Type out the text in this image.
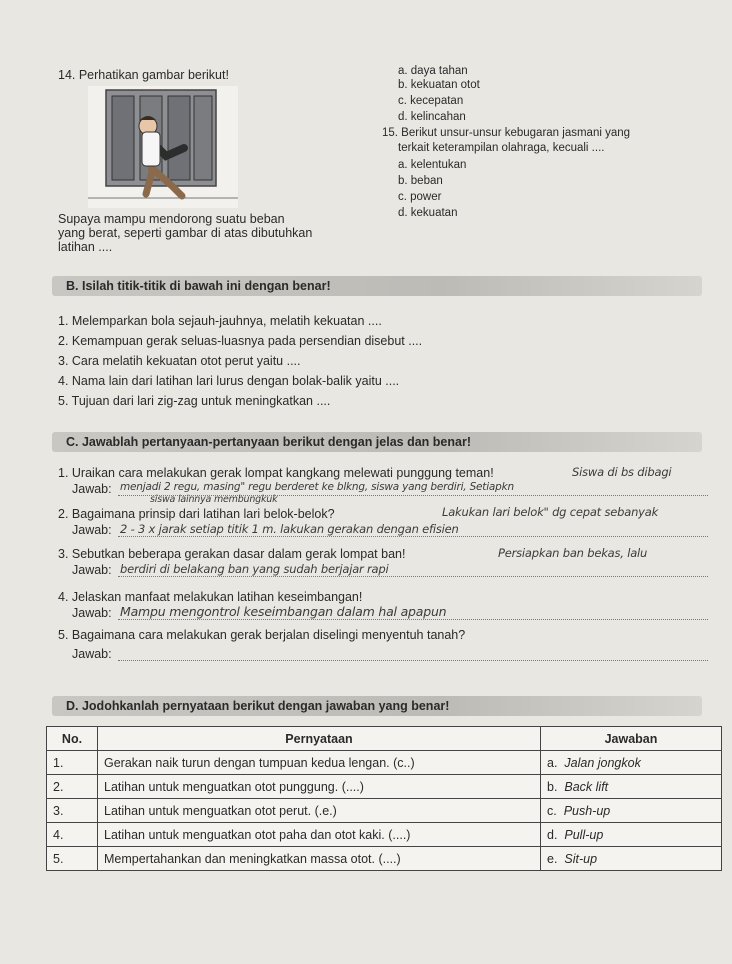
14. Perhatikan gambar berikut!
Supaya mampu mendorong suatu beban
yang berat, seperti gambar di atas dibutuhkan
latihan ....
a. daya tahan
b. kekuatan otot
c. kecepatan
d. kelincahan
15. Berikut unsur-unsur kebugaran jasmani yang
terkait keterampilan olahraga, kecuali ....
a. kelentukan
b. beban
c. power
d. kekuatan
B. Isilah titik-titik di bawah ini dengan benar!
1. Melemparkan bola sejauh-jauhnya, melatih kekuatan ....
2. Kemampuan gerak seluas-luasnya pada persendian disebut ....
3. Cara melatih kekuatan otot perut yaitu ....
4. Nama lain dari latihan lari lurus dengan bolak-balik yaitu ....
5. Tujuan dari lari zig-zag untuk meningkatkan ....
C. Jawablah pertanyaan-pertanyaan berikut dengan jelas dan benar!
1. Uraikan cara melakukan gerak lompat kangkang melewati punggung teman!	Siswa di bs dibagi
Jawab: menjadi 2 regu, masing" regu berderet ke blkng, siswa yang berdiri, Setiapkn
siswa lainnya membungkuk
2. Bagaimana prinsip dari latihan lari belok-belok?	Lakukan lari belok" dg cepat sebanyak
Jawab: 2 - 3 x jarak setiap titik 1 m. lakukan gerakan dengan efisien
3. Sebutkan beberapa gerakan dasar dalam gerak lompat ban!	Persiapkan ban bekas, lalu
Jawab: berdiri di belakang ban yang sudah berjajar rapi
4. Jelaskan manfaat melakukan latihan keseimbangan!
Jawab: Mampu mengontrol keseimbangan dalam hal apapun
5. Bagaimana cara melakukan gerak berjalan diselingi menyentuh tanah?
Jawab:
D. Jodohkanlah pernyataan berikut dengan jawaban yang benar!
No.	Pernyataan	Jawaban
1.	Gerakan naik turun dengan tumpuan kedua lengan. (c..)	a. Jalan jongkok
2.	Latihan untuk menguatkan otot punggung. (....)	b. Back lift
3.	Latihan untuk menguatkan otot perut. (.e.)	c. Push-up
4.	Latihan untuk menguatkan otot paha dan otot kaki. (....)	d. Pull-up
5.	Mempertahankan dan meningkatkan massa otot. (....)	e. Sit-up
